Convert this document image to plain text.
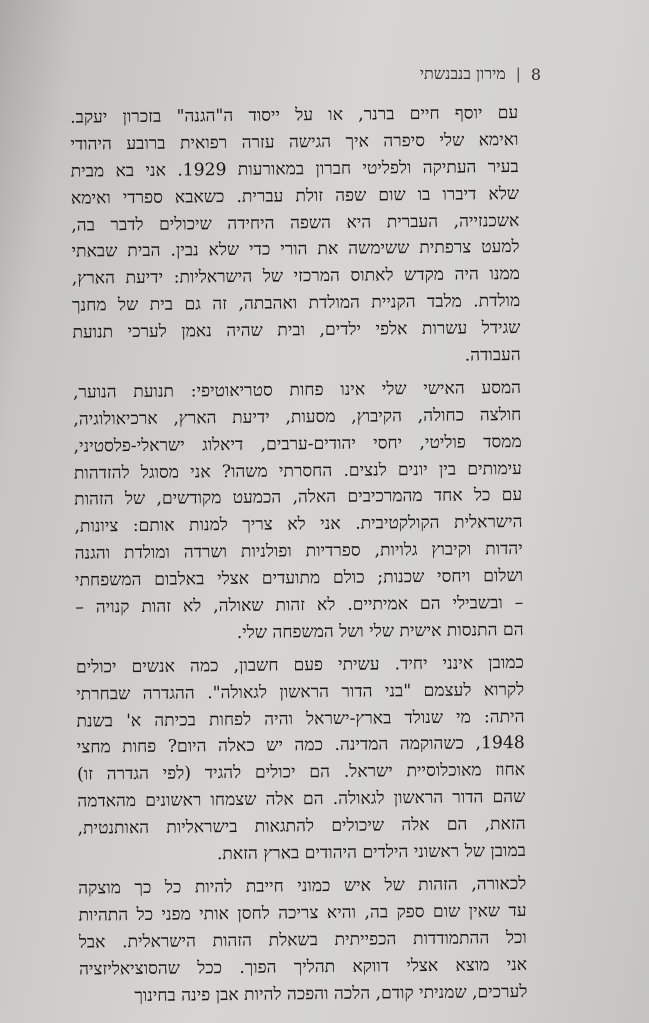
8
|
מירון בנבנשתי
עם יוסף חיים ברנר, או על ייסוד ה"הגנה" בזכרון יעקב.
ואימא שלי סיפרה איך הגישה עזרה רפואית ברובע היהודי
בעיר העתיקה ולפליטי חברון במאורעות 1929. אני בא מבית
שלא דיברו בו שום שפה זולת עברית. כשאבא ספרדי ואימא
אשכנזייה, העברית היא השפה היחידה שיכולים לדבר בה,
למעט צרפתית ששימשה את הורי כדי שלא נבין. הבית שבאתי
ממנו היה מקדש לאתוס המרכזי של הישראליות: ידיעת הארץ,
מולדת. מלבד הקניית המולדת ואהבתה, זה גם בית של מחנך
שגידל עשרות אלפי ילדים, ובית שהיה נאמן לערכי תנועת
העבודה.
המסע האישי שלי אינו פחות סטריאוטיפי: תנועת הנוער,
חולצה כחולה, הקיבוץ, מסעות, ידיעת הארץ, ארכיאולוגיה,
ממסד פוליטי, יחסי יהודים-ערבים, דיאלוג ישראלי-פלסטיני,
עימותים בין יונים לנצים. החסרתי משהו? אני מסוגל להזדהות
עם כל אחד מהמרכיבים האלה, הכמעט מקודשים, של הזהות
הישראלית הקולקטיבית. אני לא צריך למנות אותם: ציונות,
יהדות וקיבוץ גלויות, ספרדיות ופולניות ושרדה ומולדת והגנה
ושלום ויחסי שכנות; כולם מתועדים אצלי באלבום המשפחתי
– ובשבילי הם אמיתיים. לא זהות שאולה, לא זהות קנויה –
הם התנסות אישית שלי ושל המשפחה שלי.
כמובן אינני יחיד. עשיתי פעם חשבון, כמה אנשים יכולים
לקרוא לעצמם "בני הדור הראשון לגאולה". ההגדרה שבחרתי
היתה: מי שנולד בארץ-ישראל והיה לפחות בכיתה א' בשנת
1948, כשהוקמה המדינה. כמה יש כאלה היום? פחות מחצי
אחוז מאוכלוסיית ישראל. הם יכולים להגיד (לפי הגדרה זו)
שהם הדור הראשון לגאולה. הם אלה שצמחו ראשונים מהאדמה
הזאת, הם אלה שיכולים להתגאות בישראליות האותנטית,
במובן של ראשוני הילדים היהודים בארץ הזאת.
לכאורה, הזהות של איש כמוני חייבת להיות כל כך מוצקה
עד שאין שום ספק בה, והיא צריכה לחסן אותי מפני כל התהיות
וכל ההתמודדות הכפייתית בשאלת הזהות הישראלית. אבל
אני מוצא אצלי דווקא תהליך הפוך. ככל שהסוציאליזציה
לערכים, שמניתי קודם, הלכה והפכה להיות אבן פינה בחינוך
